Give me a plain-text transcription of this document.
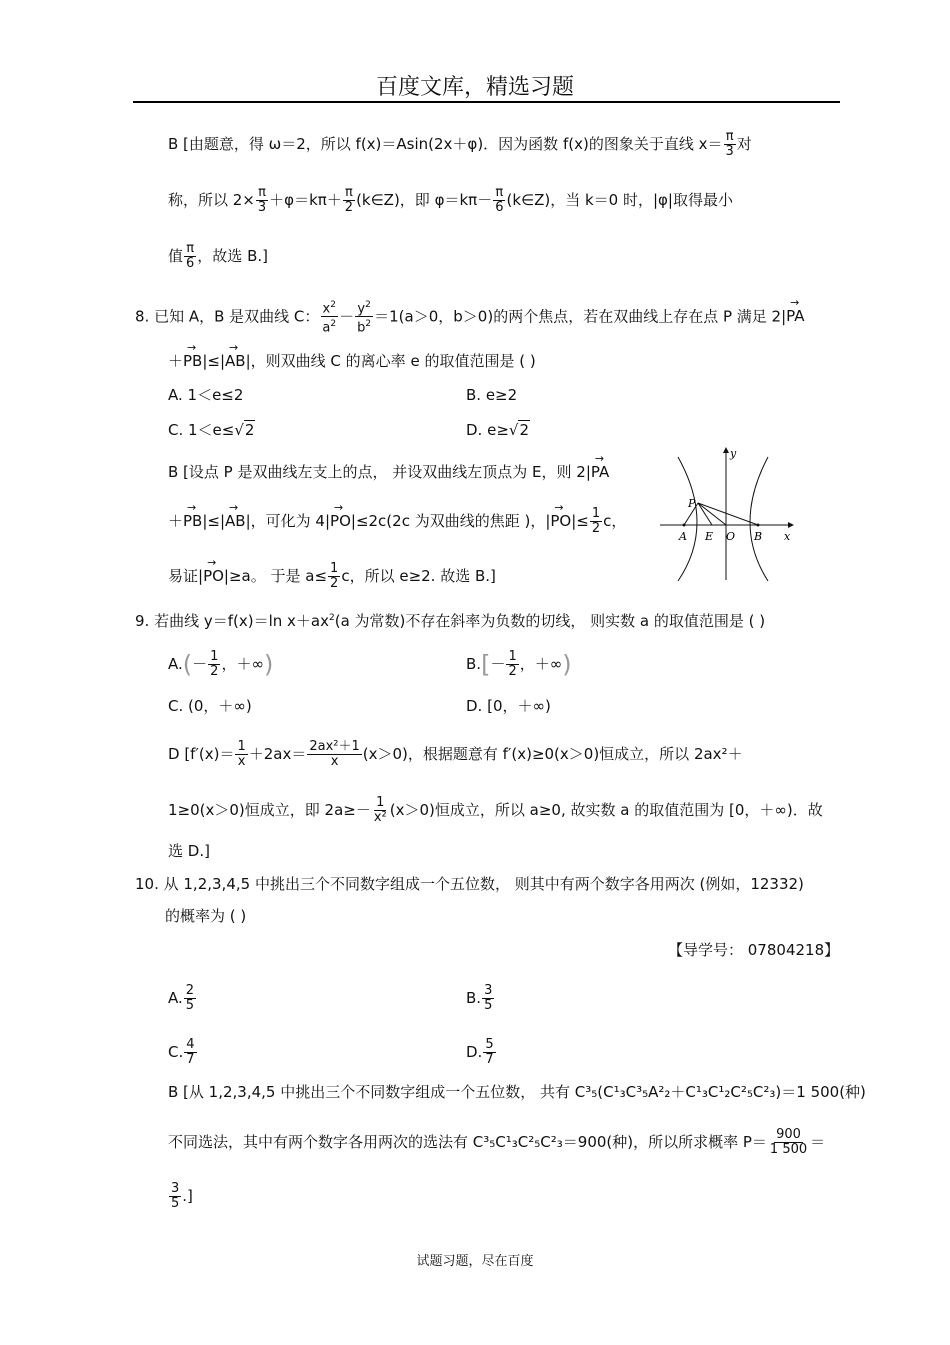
百度文库，精选习题
B [由题意，得 ω＝2，所以 f(x)＝Asin(2x＋φ)．因为函数 f(x)的图象关于直线 $x= \frac{\pi}{3}$ 对
称，所以 $2\times \frac{\pi}{3} +\varphi=k\pi+ \frac{\pi}{2}$ (k∈Z)，即 $\varphi=k\pi- \frac{\pi}{6}$ (k∈Z)，当 k＝0 时，|φ|取得最小
值 $\frac{\pi}{6}$ ，故选 B.]
8. 已知 A，B 是双曲线 C： $\frac{x^2}{a^2} - \frac{y^2}{b^2} =1(a>0$，b＞0)的两个焦点，若在双曲线上存在点 P 满足 2|→ PA
＋→ PB|≤|→ AB|，则双曲线 C 的离心率 e 的取值范围是 ( )
A. 1＜e≤2	B. e≥2
C. 1＜e≤√2	D. e≥√2
B [设点 P 是双曲线左支上的点， 并设双曲线左顶点为 E，则 2|→ PA
＋→ PB|≤|→ AB|，可化为 4|→ PO|≤2c(2c 为双曲线的焦距 )，|→ $PO|\le \frac{1}{2}$ c，
易证|→ PO|≥a。 于是 $a\le \frac{1}{2}$ c，所以 e≥2. 故选 B.]
P
A E O B x
y
9. 若曲线 y＝f(x)＝ln $x+ax^2(a$ 为常数)不存在斜率为负数的切线， 则实数 a 的取值范围是 ( )
$A.(- \frac{1}{2}$ ，＋∞)	$B.[- \frac{1}{2}$ ，＋∞)
C. (0，＋∞)	D. [0，＋∞)
D [$f'(x)= \frac{1}{x} +2ax= \frac{\text{2ax²＋1}}{x} (x>0)$，根据题意有 f′(x)≥0(x＞0)恒成立，所以 2ax²＋
1≥0(x＞0)恒成立，即 $2a\ge- \frac{1}{\text{x²}} (x>0)$恒成立，所以 a≥0, 故实数 a 的取值范围为 [0，＋∞)．故
选 D.]
10. 从 1,2,3,4,5 中挑出三个不同数字组成一个五位数， 则其中有两个数字各用两次 (例如，12332)
的概率为 ( )
【导学号： 07804218】
A. $\frac{2}{5}$	B. $\frac{3}{5}$
C. $\frac{4}{7}$	D. $\frac{5}{7}$
B [从 1,2,3,4,5 中挑出三个不同数字组成一个五位数， 共有 C³₅(C¹₃C³₅A²₂＋C¹₃C¹₂C²₅C²₃)＝1 500(种)
不同选法，其中有两个数字各用两次的选法有 C³₅C¹₃C²₅C²₃＝900(种)，所以所求概率 $P= \frac{900}{1 500}$ ＝
$\frac{3}{5}$ .]
试题习题，尽在百度
